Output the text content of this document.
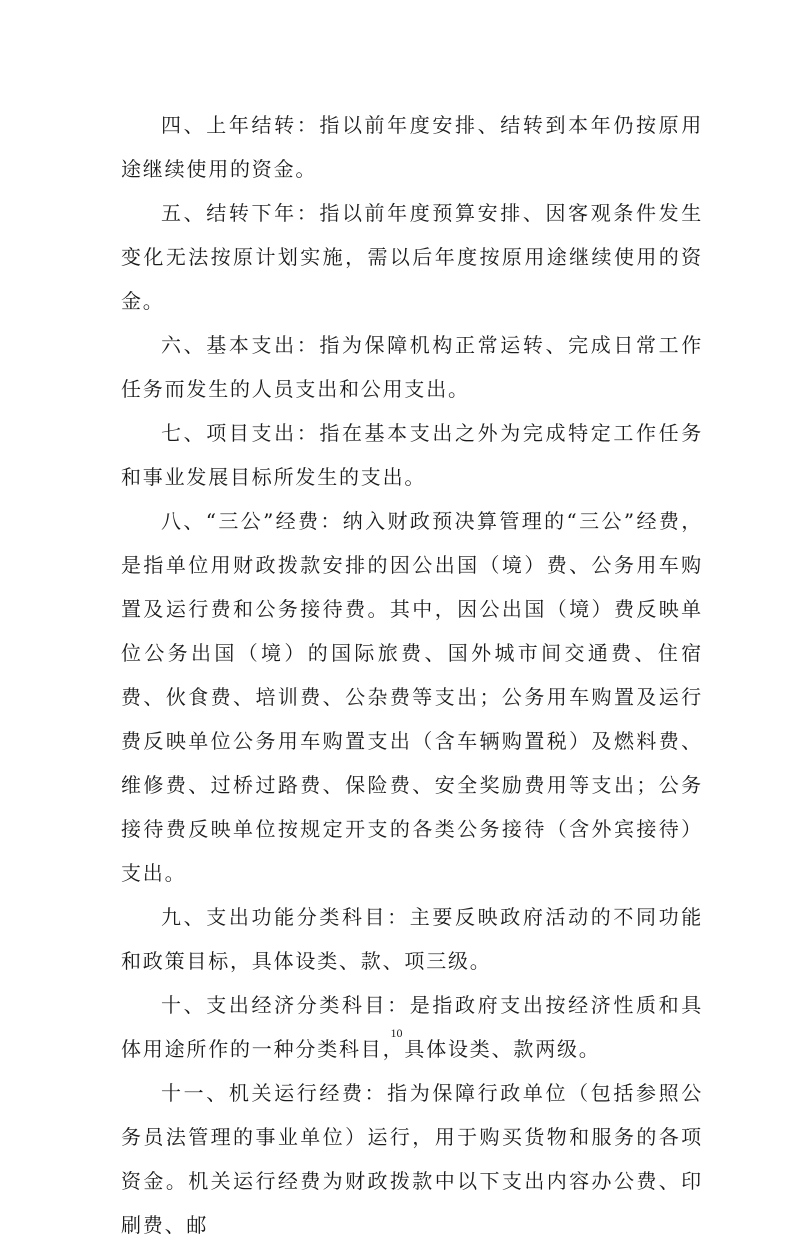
四、上年结转：指以前年度安排、结转到本年仍按原用途继续使用的资金。

五、结转下年：指以前年度预算安排、因客观条件发生变化无法按原计划实施，需以后年度按原用途继续使用的资金。

六、基本支出：指为保障机构正常运转、完成日常工作任务而发生的人员支出和公用支出。

七、项目支出：指在基本支出之外为完成特定工作任务和事业发展目标所发生的支出。

八、“三公”经费：纳入财政预决算管理的“三公”经费，是指单位用财政拨款安排的因公出国（境）费、公务用车购置及运行费和公务接待费。其中，因公出国（境）费反映单位公务出国（境）的国际旅费、国外城市间交通费、住宿费、伙食费、培训费、公杂费等支出；公务用车购置及运行费反映单位公务用车购置支出（含车辆购置税）及燃料费、维修费、过桥过路费、保险费、安全奖励费用等支出；公务接待费反映单位按规定开支的各类公务接待（含外宾接待）支出。

九、支出功能分类科目：主要反映政府活动的不同功能和政策目标，具体设类、款、项三级。

十、支出经济分类科目：是指政府支出按经济性质和具体用途所作的一种分类科目，具体设类、款两级。

十一、机关运行经费：指为保障行政单位（包括参照公务员法管理的事业单位）运行，用于购买货物和服务的各项资金。机关运行经费为财政拨款中以下支出内容办公费、印刷费、邮

10
